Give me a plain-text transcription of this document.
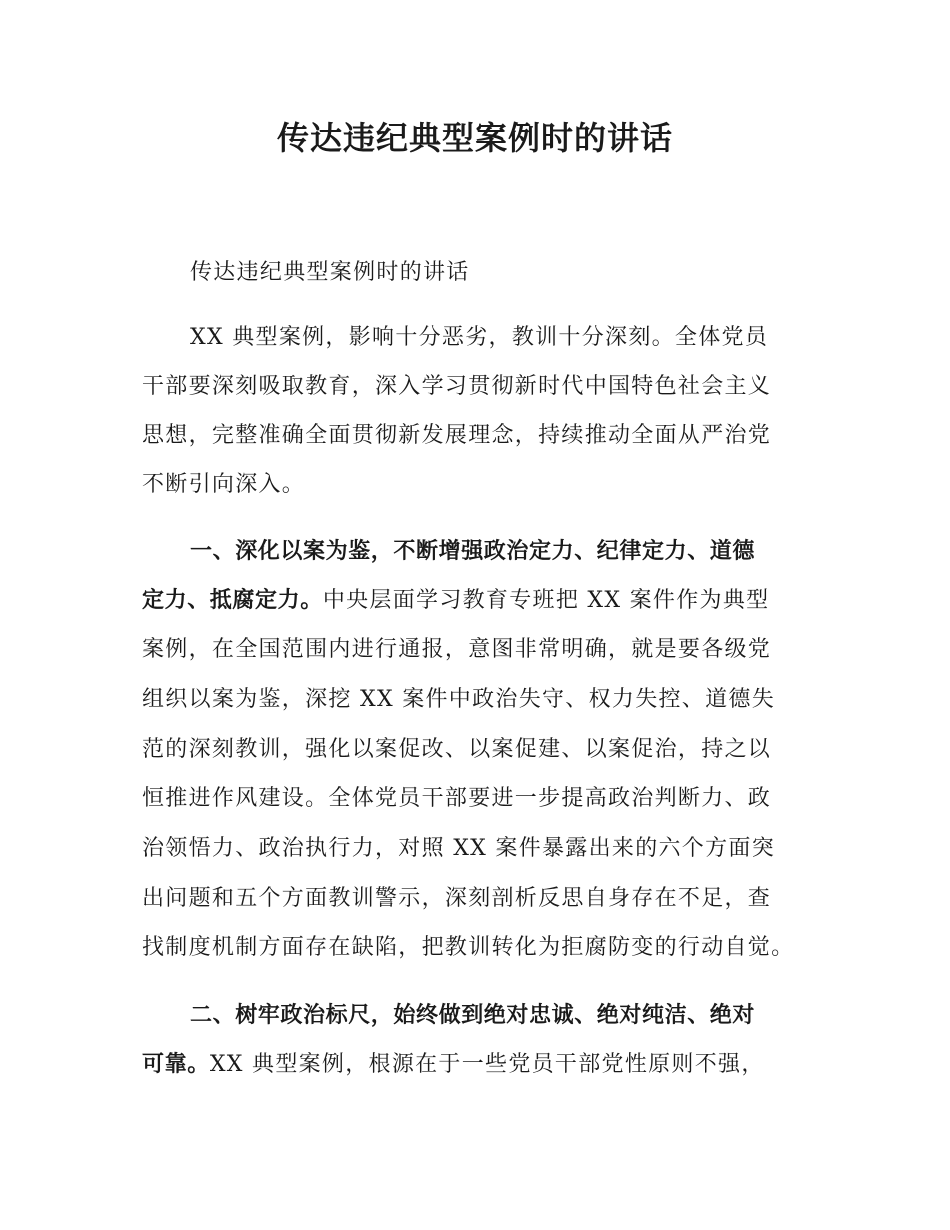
传达违纪典型案例时的讲话
传达违纪典型案例时的讲话
XX 典型案例，影响十分恶劣，教训十分深刻。全体党员
干部要深刻吸取教育，深入学习贯彻新时代中国特色社会主义
思想，完整准确全面贯彻新发展理念，持续推动全面从严治党
不断引向深入。
一、深化以案为鉴，不断增强政治定力、纪律定力、道德
定力、抵腐定力。中央层面学习教育专班把 XX 案件作为典型
案例，在全国范围内进行通报，意图非常明确，就是要各级党
组织以案为鉴，深挖 XX 案件中政治失守、权力失控、道德失
范的深刻教训，强化以案促改、以案促建、以案促治，持之以
恒推进作风建设。全体党员干部要进一步提高政治判断力、政
治领悟力、政治执行力，对照 XX 案件暴露出来的六个方面突
出问题和五个方面教训警示，深刻剖析反思自身存在不足，查
找制度机制方面存在缺陷，把教训转化为拒腐防变的行动自觉。
二、树牢政治标尺，始终做到绝对忠诚、绝对纯洁、绝对
可靠。XX 典型案例，根源在于一些党员干部党性原则不强，
